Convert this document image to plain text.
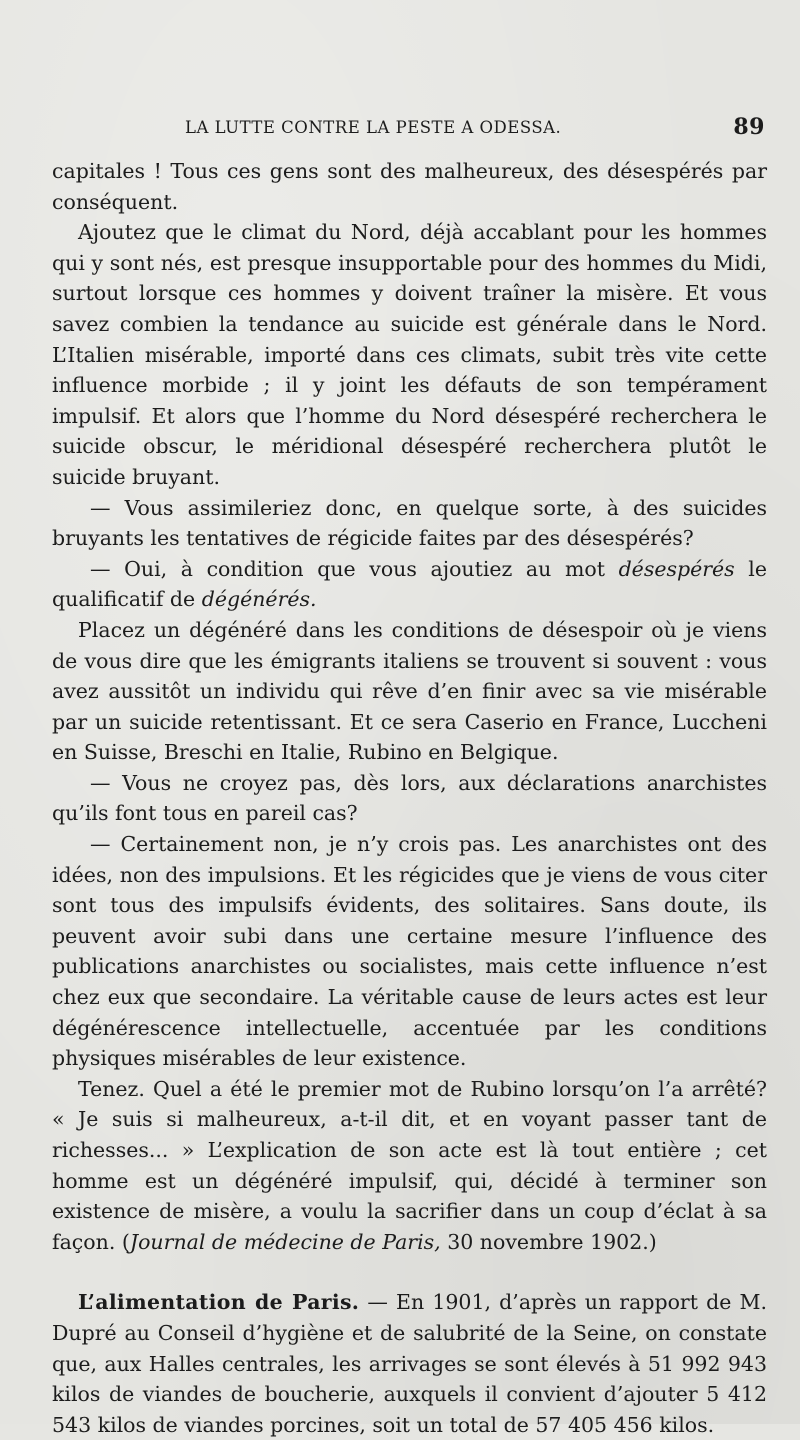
LA LUTTE CONTRE LA PESTE A ODESSA.	89

capitales ! Tous ces gens sont des malheureux, des désespérés par conséquent.

Ajoutez que le climat du Nord, déjà accablant pour les hommes qui y sont nés, est presque insupportable pour des hommes du Midi, surtout lorsque ces hommes y doivent traîner la misère. Et vous savez combien la tendance au suicide est générale dans le Nord. L’Italien misérable, importé dans ces climats, subit très vite cette influence morbide ; il y joint les défauts de son tempérament impulsif. Et alors que l’homme du Nord désespéré recherchera le suicide obscur, le méridional désespéré recherchera plutôt le suicide bruyant.

— Vous assimileriez donc, en quelque sorte, à des suicides bruyants les tentatives de régicide faites par des désespérés?

— Oui, à condition que vous ajoutiez au mot désespérés le qualificatif de dégénérés.

Placez un dégénéré dans les conditions de désespoir où je viens de vous dire que les émigrants italiens se trouvent si souvent : vous avez aussitôt un individu qui rêve d’en finir avec sa vie misérable par un suicide retentissant. Et ce sera Caserio en France, Luccheni en Suisse, Breschi en Italie, Rubino en Belgique.

— Vous ne croyez pas, dès lors, aux déclarations anarchistes qu’ils font tous en pareil cas?

— Certainement non, je n’y crois pas. Les anarchistes ont des idées, non des impulsions. Et les régicides que je viens de vous citer sont tous des impulsifs évidents, des solitaires. Sans doute, ils peuvent avoir subi dans une certaine mesure l’influence des publications anarchistes ou socialistes, mais cette influence n’est chez eux que secondaire. La véritable cause de leurs actes est leur dégénérescence intellectuelle, accentuée par les conditions physiques misérables de leur existence.

Tenez. Quel a été le premier mot de Rubino lorsqu’on l’a arrêté? « Je suis si malheureux, a-t-il dit, et en voyant passer tant de richesses... » L’explication de son acte est là tout entière ; cet homme est un dégénéré impulsif, qui, décidé à terminer son existence de misère, a voulu la sacrifier dans un coup d’éclat à sa façon. (Journal de médecine de Paris, 30 novembre 1902.)

L’alimentation de Paris. — En 1901, d’après un rapport de M. Dupré au Conseil d’hygiène et de salubrité de la Seine, on constate que, aux Halles centrales, les arrivages se sont élevés à 51 992 943 kilos de viandes de boucherie, auxquels il convient d’ajouter 5 412 543 kilos de viandes porcines, soit un total de 57 405 456 kilos.
